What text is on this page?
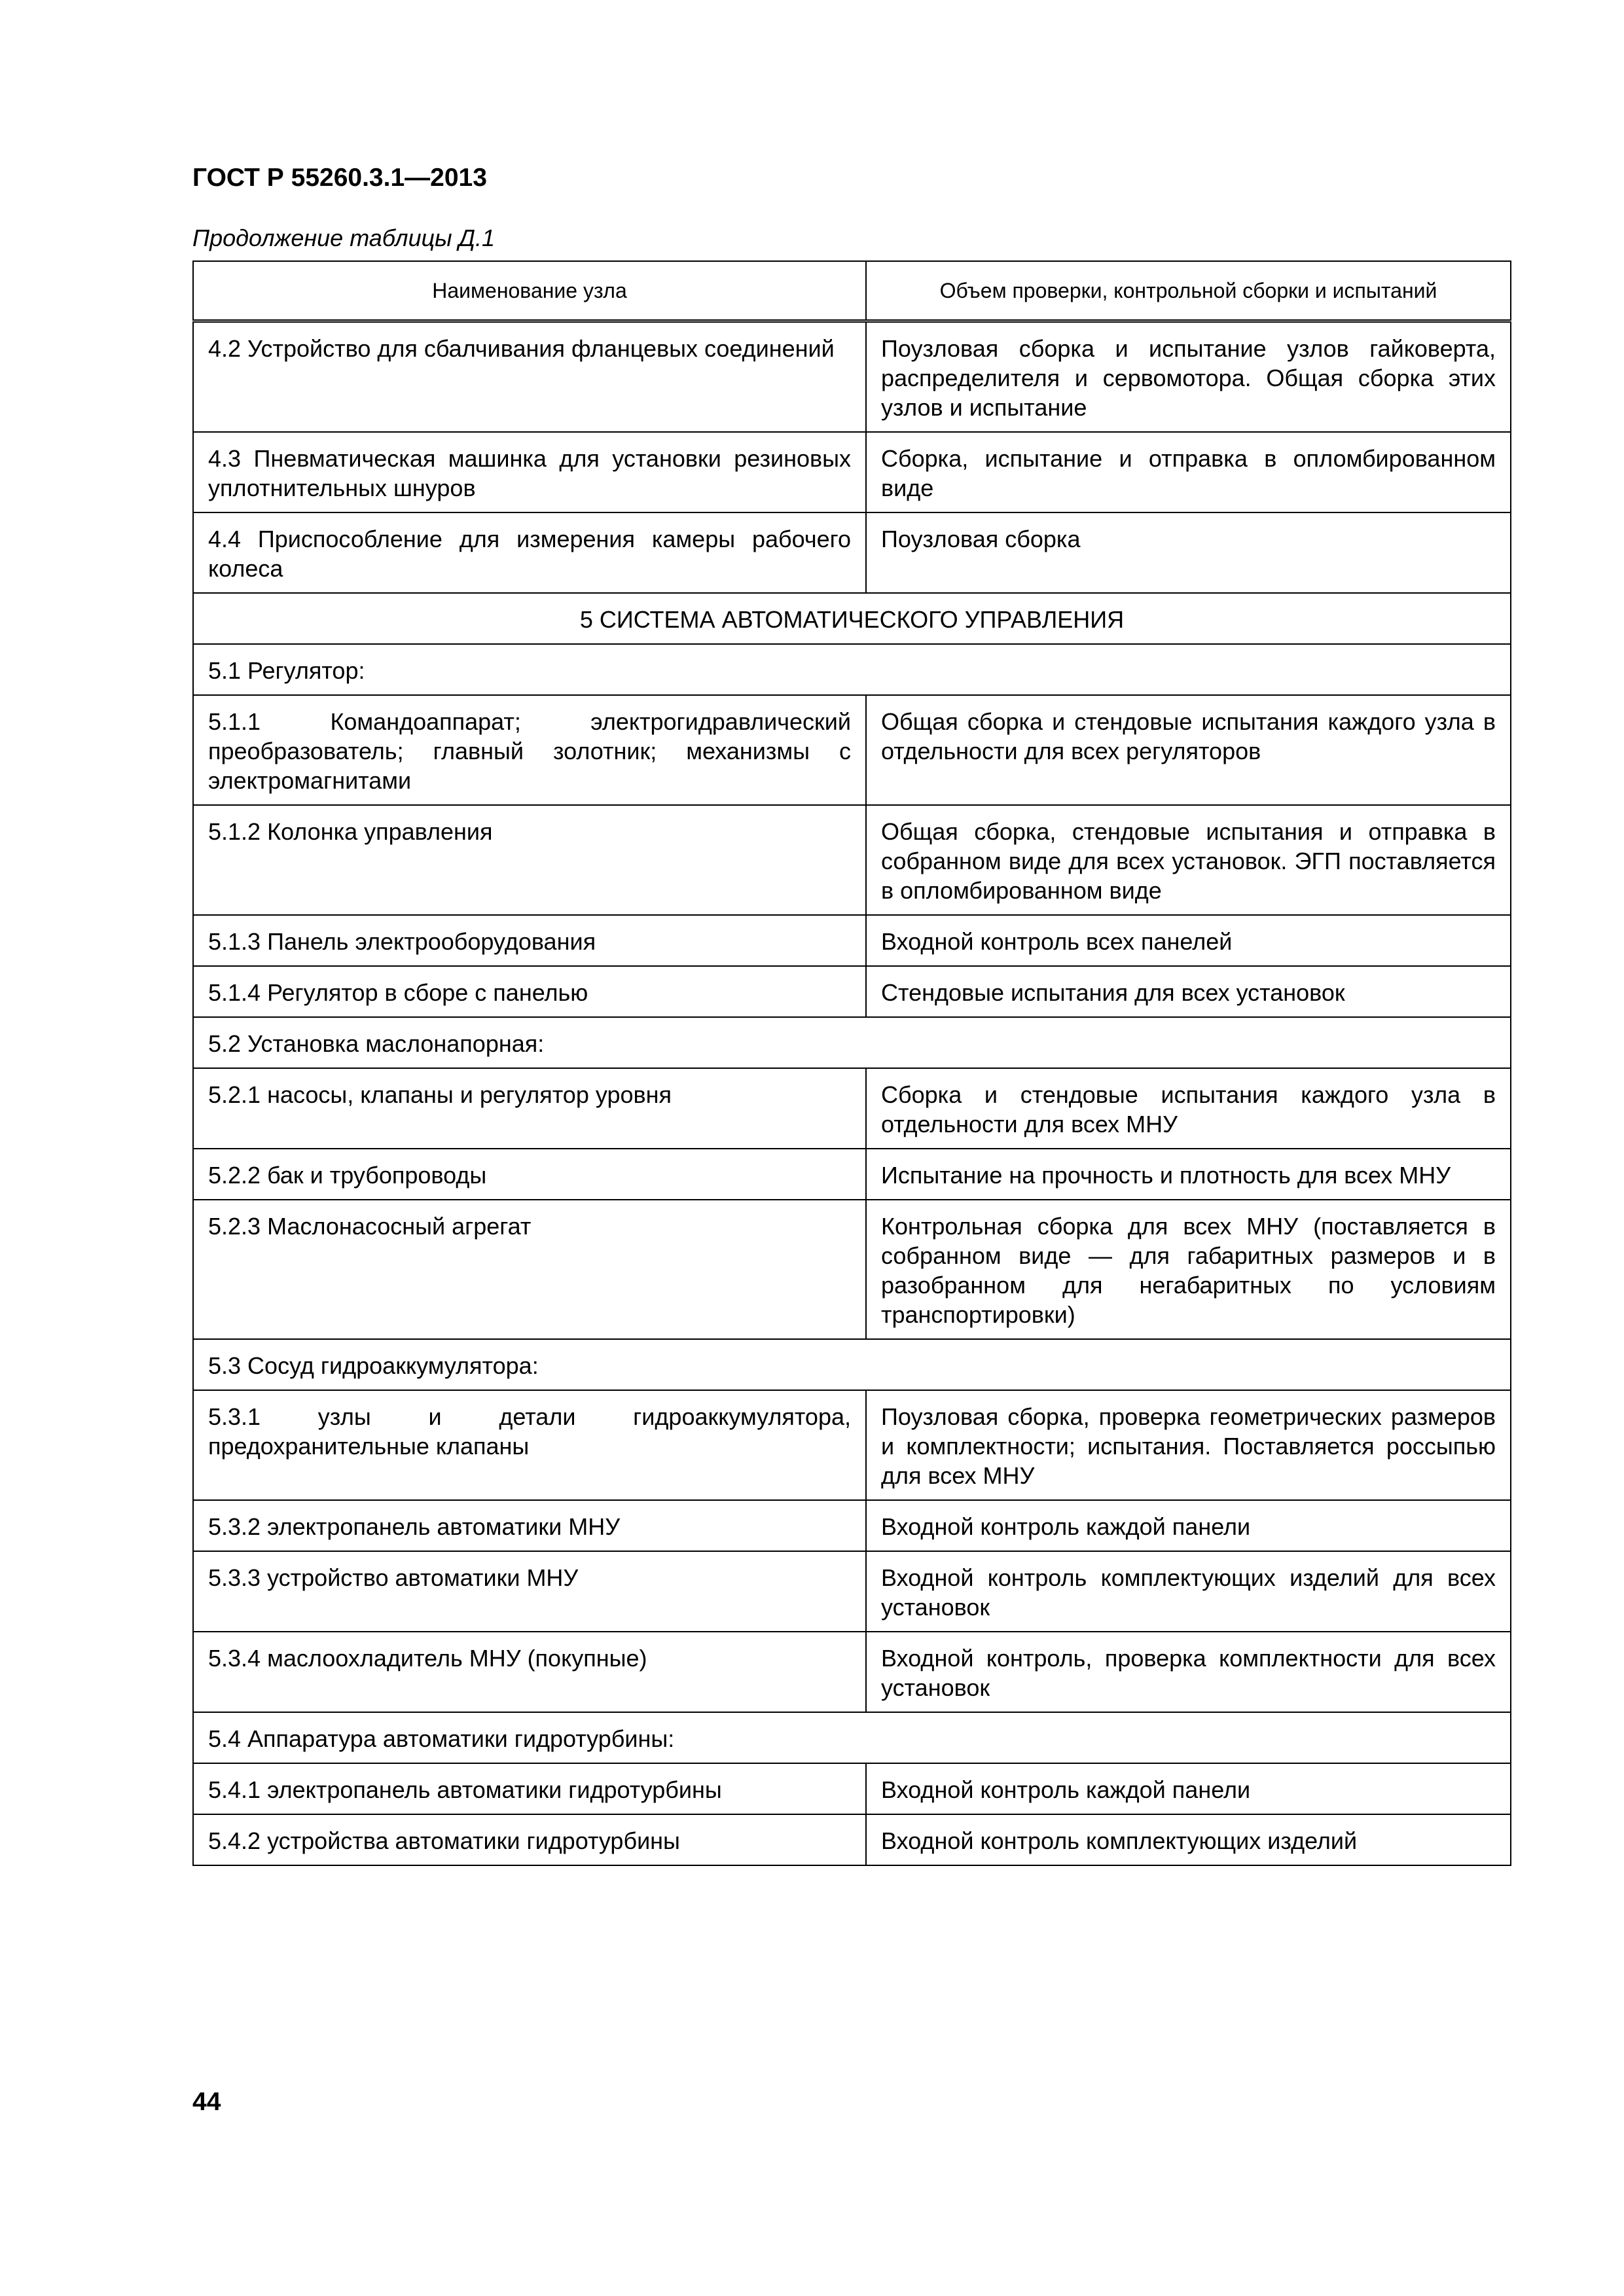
ГОСТ Р 55260.3.1—2013
Продолжение таблицы Д.1
Наименование узла	Объем проверки, контрольной сборки и испытаний
4.2 Устройство для сбалчивания фланцевых соединений	Поузловая сборка и испытание узлов гайковерта, распределителя и сервомотора. Общая сборка этих узлов и испытание
4.3 Пневматическая машинка для установки резиновых уплотнительных шнуров	Сборка, испытание и отправка в опломбированном виде
4.4 Приспособление для измерения камеры рабочего колеса	Поузловая сборка
5 СИСТЕМА АВТОМАТИЧЕСКОГО УПРАВЛЕНИЯ	
5.1 Регулятор:	
5.1.1 Командоаппарат; электрогидравлический преобразователь; главный золотник; механизмы с электромагнитами	Общая сборка и стендовые испытания каждого узла в отдельности для всех регуляторов
5.1.2 Колонка управления	Общая сборка, стендовые испытания и отправка в собранном виде для всех установок. ЭГП поставляется в опломбированном виде
5.1.3 Панель электрооборудования	Входной контроль всех панелей
5.1.4 Регулятор в сборе с панелью	Стендовые испытания для всех установок
5.2 Установка маслонапорная:	
5.2.1 насосы, клапаны и регулятор уровня	Сборка и стендовые испытания каждого узла в отдельности для всех МНУ
5.2.2 бак и трубопроводы	Испытание на прочность и плотность для всех МНУ
5.2.3 Маслонасосный агрегат	Контрольная сборка для всех МНУ (поставляется в собранном виде — для габаритных размеров и в разобранном для негабаритных по условиям транспортировки)
5.3 Сосуд гидроаккумулятора:	
5.3.1 узлы и детали гидроаккумулятора, предохранительные клапаны	Поузловая сборка, проверка геометрических размеров и комплектности; испытания. Поставляется россыпью для всех МНУ
5.3.2 электропанель автоматики МНУ	Входной контроль каждой панели
5.3.3 устройство автоматики МНУ	Входной контроль комплектующих изделий для всех установок
5.3.4 маслоохладитель МНУ (покупные)	Входной контроль, проверка комплектности для всех установок
5.4 Аппаратура автоматики гидротурбины:	
5.4.1 электропанель автоматики гидротурбины	Входной контроль каждой панели
5.4.2 устройства автоматики гидротурбины	Входной контроль комплектующих изделий
44
